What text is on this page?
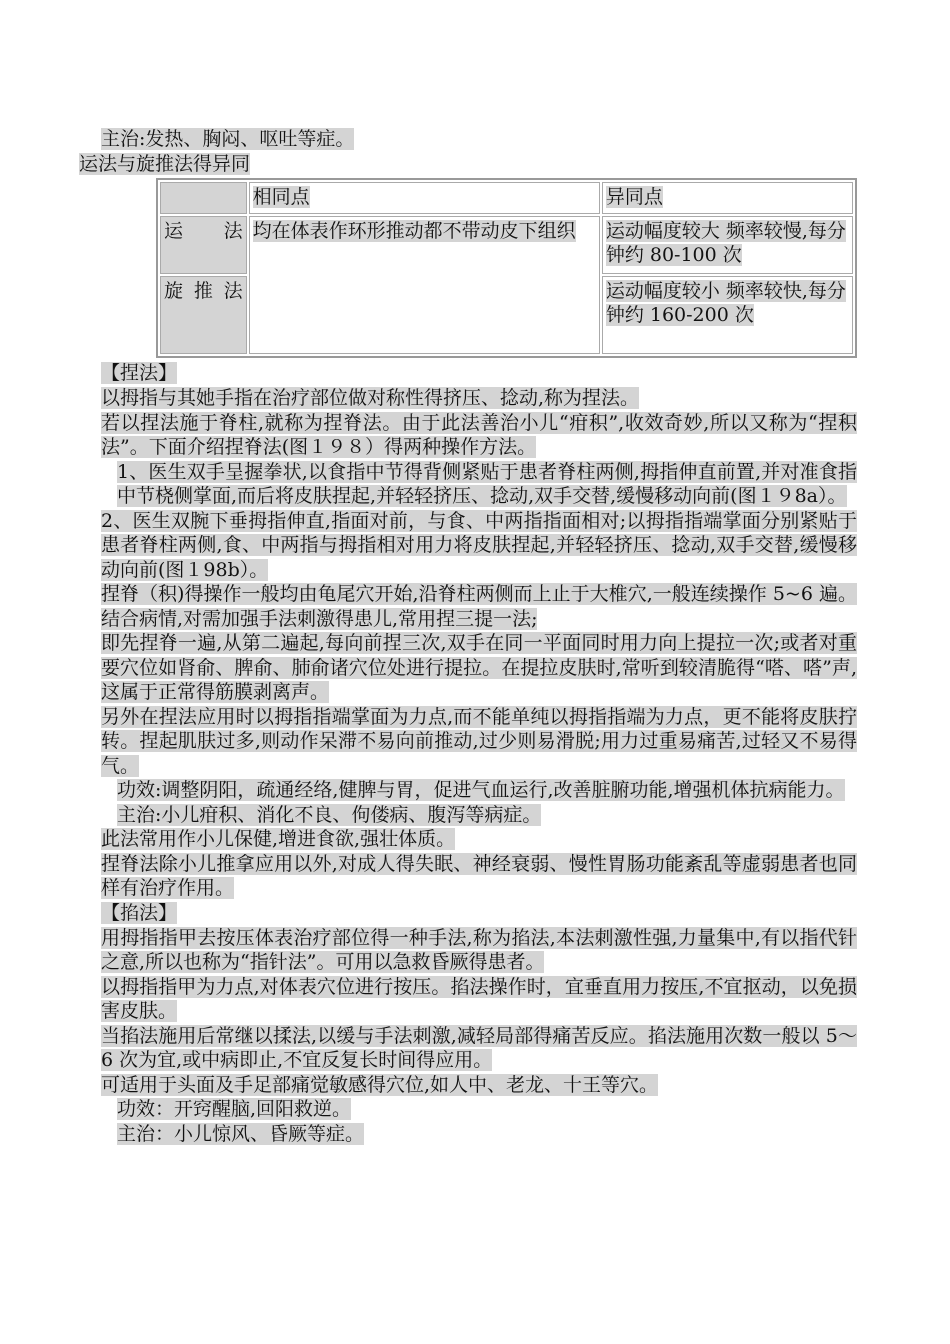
主治:发热、胸闷、呕吐等症。
运法与旋推法得异同
	相同点	异同点
运 法	均在体表作环形推动都不带动皮下组织	运动幅度较大 频率较慢,每分钟约 80-100 次
旋推法		运动幅度较小 频率较快,每分钟约 160-200 次
【捏法】

以拇指与其她手指在治疗部位做对称性得挤压、捻动,称为捏法。

若以捏法施于脊柱,就称为捏脊法。由于此法善治小儿“疳积”,收效奇妙,所以又称为“捏积法”。下面介绍捏脊法(图１９８）得两种操作方法。

1、医生双手呈握拳状,以食指中节得背侧紧贴于患者脊柱两侧,拇指伸直前置,并对准食指中节桡侧掌面,而后将皮肤捏起,并轻轻挤压、捻动,双手交替,缓慢移动向前(图１９8a）。

2、医生双腕下垂拇指伸直,指面对前，与食、中两指指面相对;以拇指指端掌面分别紧贴于患者脊柱两侧,食、中两指与拇指相对用力将皮肤捏起,并轻轻挤压、捻动,双手交替,缓慢移动向前(图１98b）。

捏脊（积)得操作一般均由龟尾穴开始,沿脊柱两侧而上止于大椎穴,一般连续操作 5~6 遍。结合病情,对需加强手法刺激得患儿,常用捏三提一法;

即先捏脊一遍,从第二遍起,每向前捏三次,双手在同一平面同时用力向上提拉一次;或者对重要穴位如肾俞、脾俞、肺俞诸穴位处进行提拉。在提拉皮肤时,常听到较清脆得“嗒、嗒”声,这属于正常得筋膜剥离声。

另外在捏法应用时以拇指指端掌面为力点,而不能单纯以拇指指端为力点，更不能将皮肤拧转。捏起肌肤过多,则动作呆滞不易向前推动,过少则易滑脱;用力过重易痛苦,过轻又不易得气。

功效:调整阴阳，疏通经络,健脾与胃，促进气血运行,改善脏腑功能,增强机体抗病能力。

主治:小儿疳积、消化不良、佝偻病、腹泻等病症。

此法常用作小儿保健,增进食欲,强壮体质。

捏脊法除小儿推拿应用以外,对成人得失眠、神经衰弱、慢性胃肠功能紊乱等虚弱患者也同样有治疗作用。

【掐法】

用拇指指甲去按压体表治疗部位得一种手法,称为掐法,本法刺激性强,力量集中,有以指代针之意,所以也称为“指针法”。可用以急救昏厥得患者。

以拇指指甲为力点,对体表穴位进行按压。掐法操作时，宜垂直用力按压,不宜抠动，以免损害皮肤。

当掐法施用后常继以揉法,以缓与手法刺激,减轻局部得痛苦反应。掐法施用次数一般以 5～6 次为宜,或中病即止,不宜反复长时间得应用。

可适用于头面及手足部痛觉敏感得穴位,如人中、老龙、十王等穴。

功效：开窍醒脑,回阳救逆。

主治：小儿惊风、昏厥等症。
